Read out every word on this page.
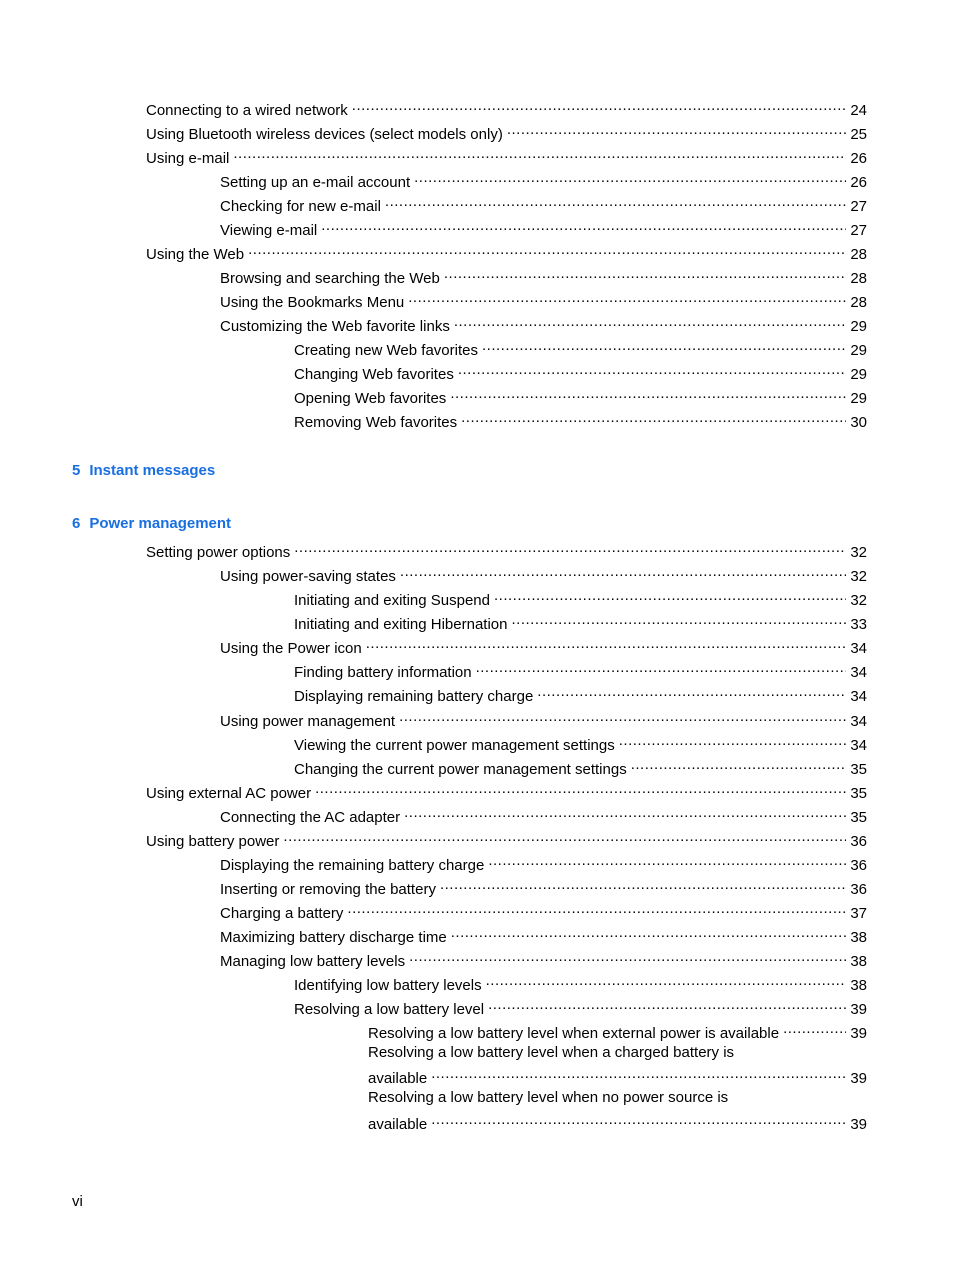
Connecting to a wired network .....	24
Using Bluetooth wireless devices (select models only) .....	25
Using e-mail .....	26
Setting up an e-mail account .....	26
Checking for new e-mail .....	27
Viewing e-mail .....	27
Using the Web .....	28
Browsing and searching the Web .....	28
Using the Bookmarks Menu .....	28
Customizing the Web favorite links .....	29
Creating new Web favorites .....	29
Changing Web favorites .....	29
Opening Web favorites .....	29
Removing Web favorites .....	30
5 Instant messages
6 Power management
Setting power options .....	32
Using power-saving states .....	32
Initiating and exiting Suspend .....	32
Initiating and exiting Hibernation .....	33
Using the Power icon .....	34
Finding battery information .....	34
Displaying remaining battery charge .....	34
Using power management .....	34
Viewing the current power management settings .....	34
Changing the current power management settings .....	35
Using external AC power .....	35
Connecting the AC adapter .....	35
Using battery power .....	36
Displaying the remaining battery charge .....	36
Inserting or removing the battery .....	36
Charging a battery .....	37
Maximizing battery discharge time .....	38
Managing low battery levels .....	38
Identifying low battery levels .....	38
Resolving a low battery level .....	39
Resolving a low battery level when external power is available .....	39
Resolving a low battery level when a charged battery is
available .....	39
Resolving a low battery level when no power source is
available .....	39
vi
